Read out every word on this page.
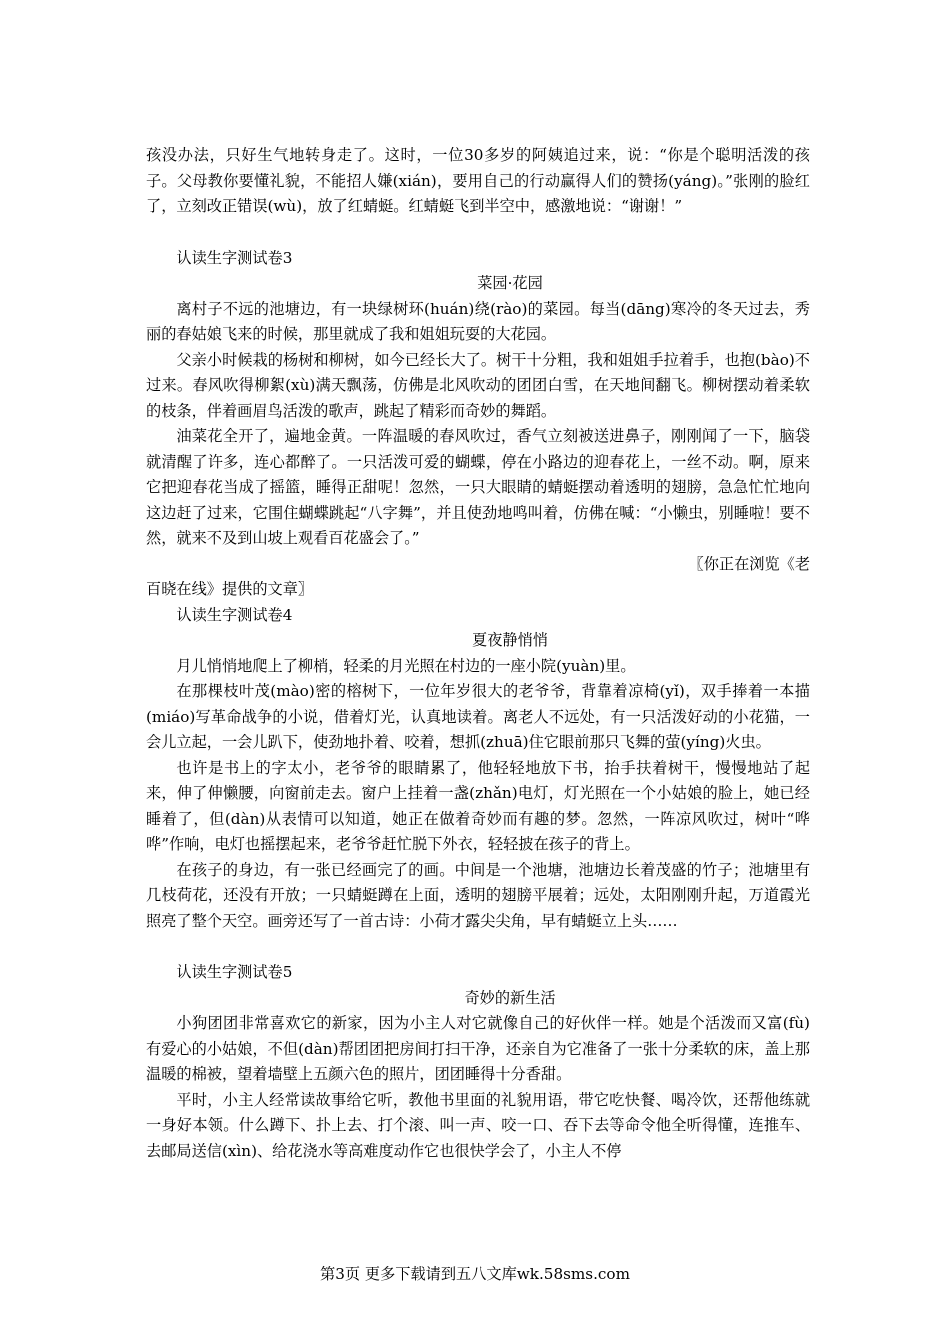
孩没办法，只好生气地转身走了。这时，一位30多岁的阿姨追过来，说：“你是个聪明活泼的孩子。父母教你要懂礼貌，不能招人嫌(xián)，要用自己的行动赢得人们的赞扬(yáng)。”张刚的脸红了，立刻改正错误(wù)，放了红蜻蜓。红蜻蜓飞到半空中，感激地说：“谢谢！”

认读生字测试卷3

菜园·花园

离村子不远的池塘边，有一块绿树环(huán)绕(rào)的菜园。每当(dāng)寒冷的冬天过去，秀丽的春姑娘飞来的时候，那里就成了我和姐姐玩耍的大花园。

父亲小时候栽的杨树和柳树，如今已经长大了。树干十分粗，我和姐姐手拉着手，也抱(bào)不过来。春风吹得柳絮(xù)满天飘荡，仿佛是北风吹动的团团白雪，在天地间翻飞。柳树摆动着柔软的枝条，伴着画眉鸟活泼的歌声，跳起了精彩而奇妙的舞蹈。

油菜花全开了，遍地金黄。一阵温暖的春风吹过，香气立刻被送进鼻子，刚刚闻了一下，脑袋就清醒了许多，连心都醉了。一只活泼可爱的蝴蝶，停在小路边的迎春花上，一丝不动。啊，原来它把迎春花当成了摇篮，睡得正甜呢！忽然，一只大眼睛的蜻蜓摆动着透明的翅膀，急急忙忙地向这边赶了过来，它围住蝴蝶跳起“八字舞”，并且使劲地鸣叫着，仿佛在喊：“小懒虫，别睡啦！要不然，就来不及到山坡上观看百花盛会了。”

〖你正在浏览《老

百晓在线》提供的文章〗

认读生字测试卷4

夏夜静悄悄

月儿悄悄地爬上了柳梢，轻柔的月光照在村边的一座小院(yuàn)里。

在那棵枝叶茂(mào)密的榕树下，一位年岁很大的老爷爷，背靠着凉椅(yǐ)，双手捧着一本描(miáo)写革命战争的小说，借着灯光，认真地读着。离老人不远处，有一只活泼好动的小花猫，一会儿立起，一会儿趴下，使劲地扑着、咬着，想抓(zhuā)住它眼前那只飞舞的萤(yíng)火虫。

也许是书上的字太小，老爷爷的眼睛累了，他轻轻地放下书，抬手扶着树干，慢慢地站了起来，伸了伸懒腰，向窗前走去。窗户上挂着一盏(zhǎn)电灯，灯光照在一个小姑娘的脸上，她已经睡着了，但(dàn)从表情可以知道，她正在做着奇妙而有趣的梦。忽然，一阵凉风吹过，树叶“哗哗”作响，电灯也摇摆起来，老爷爷赶忙脱下外衣，轻轻披在孩子的背上。

在孩子的身边，有一张已经画完了的画。中间是一个池塘，池塘边长着茂盛的竹子；池塘里有几枝荷花，还没有开放；一只蜻蜓蹲在上面，透明的翅膀平展着；远处，太阳刚刚升起，万道霞光照亮了整个天空。画旁还写了一首古诗：小荷才露尖尖角，早有蜻蜓立上头……

认读生字测试卷5

奇妙的新生活

小狗团团非常喜欢它的新家，因为小主人对它就像自己的好伙伴一样。她是个活泼而又富(fù)有爱心的小姑娘，不但(dàn)帮团团把房间打扫干净，还亲自为它准备了一张十分柔软的床，盖上那温暖的棉被，望着墙壁上五颜六色的照片，团团睡得十分香甜。

平时，小主人经常读故事给它听，教他书里面的礼貌用语，带它吃快餐、喝冷饮，还帮他练就一身好本领。什么蹲下、扑上去、打个滚、叫一声、咬一口、吞下去等命令他全听得懂，连推车、去邮局送信(xìn)、给花浇水等高难度动作它也很快学会了，小主人不停

第3页 更多下载请到五八文库wk.58sms.com
